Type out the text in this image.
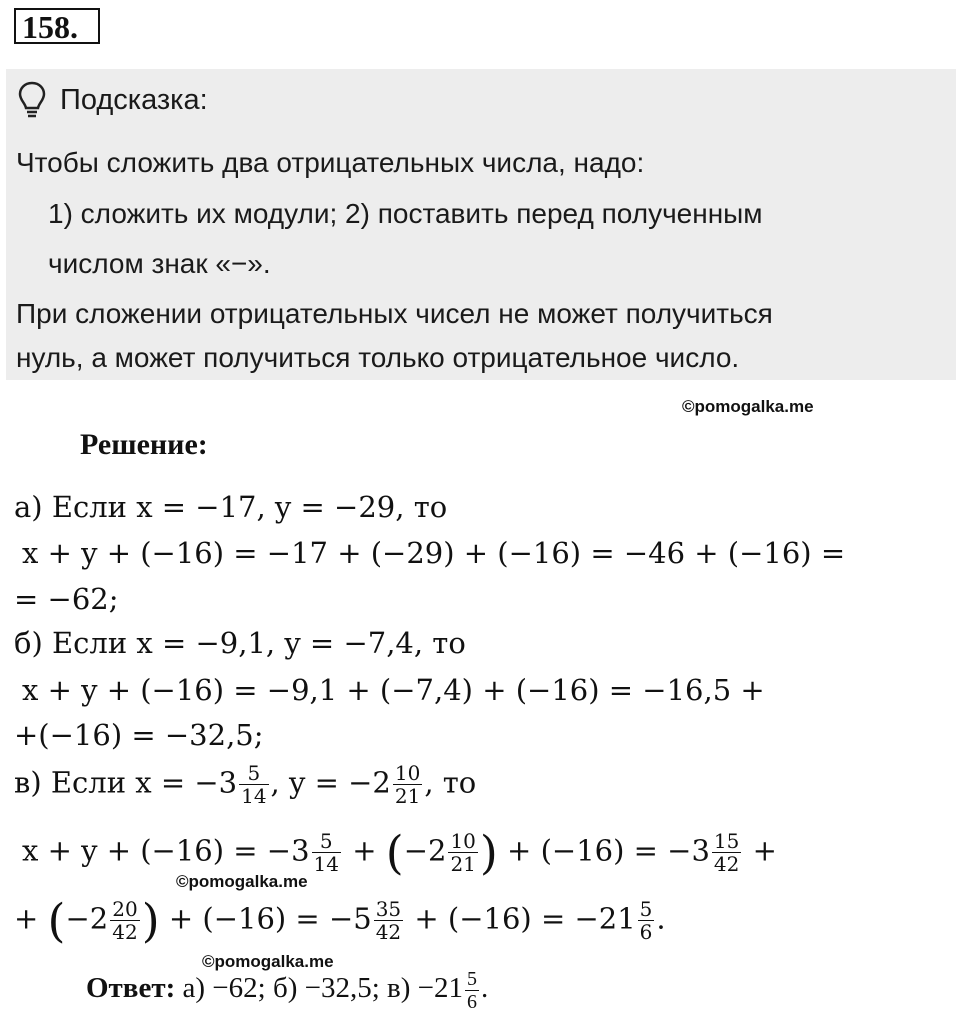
158.
Подсказка:
Чтобы сложить два отрицательных числа, надо:
1) сложить их модули; 2) поставить перед полученным
числом знак «−».
При сложении отрицательных чисел не может получиться
нуль, а может получиться только отрицательное число.
©pomogalka.me
Решение:
а) Если x = −17, y = −29, то
x + y + (−16) = −17 + (−29) + (−16) = −46 + (−16) =
= −62;
б) Если x = −9,1, y = −7,4, то
x + y + (−16) = −9,1 + (−7,4) + (−16) = −16,5 +
+(−16) = −32,5;
в) Если $x = -3 \frac{5}{14}$ , $y = -2 \frac{10}{21}$ , то
$x + y + (-16) = -3 \frac{5}{14} + (-2 \frac{10}{21}$ ) + $(-16) = -3 \frac{15}{42}$ +
©pomogalka.me
+ ($-2 \frac{20}{42}$ ) + $(-16) = -5 \frac{35}{42} + (-16) = -21 \frac{5}{6}$ .
©pomogalka.me
Ответ: а) −62; б) −32,5; $в) -21 \frac{5}{6}$ .
